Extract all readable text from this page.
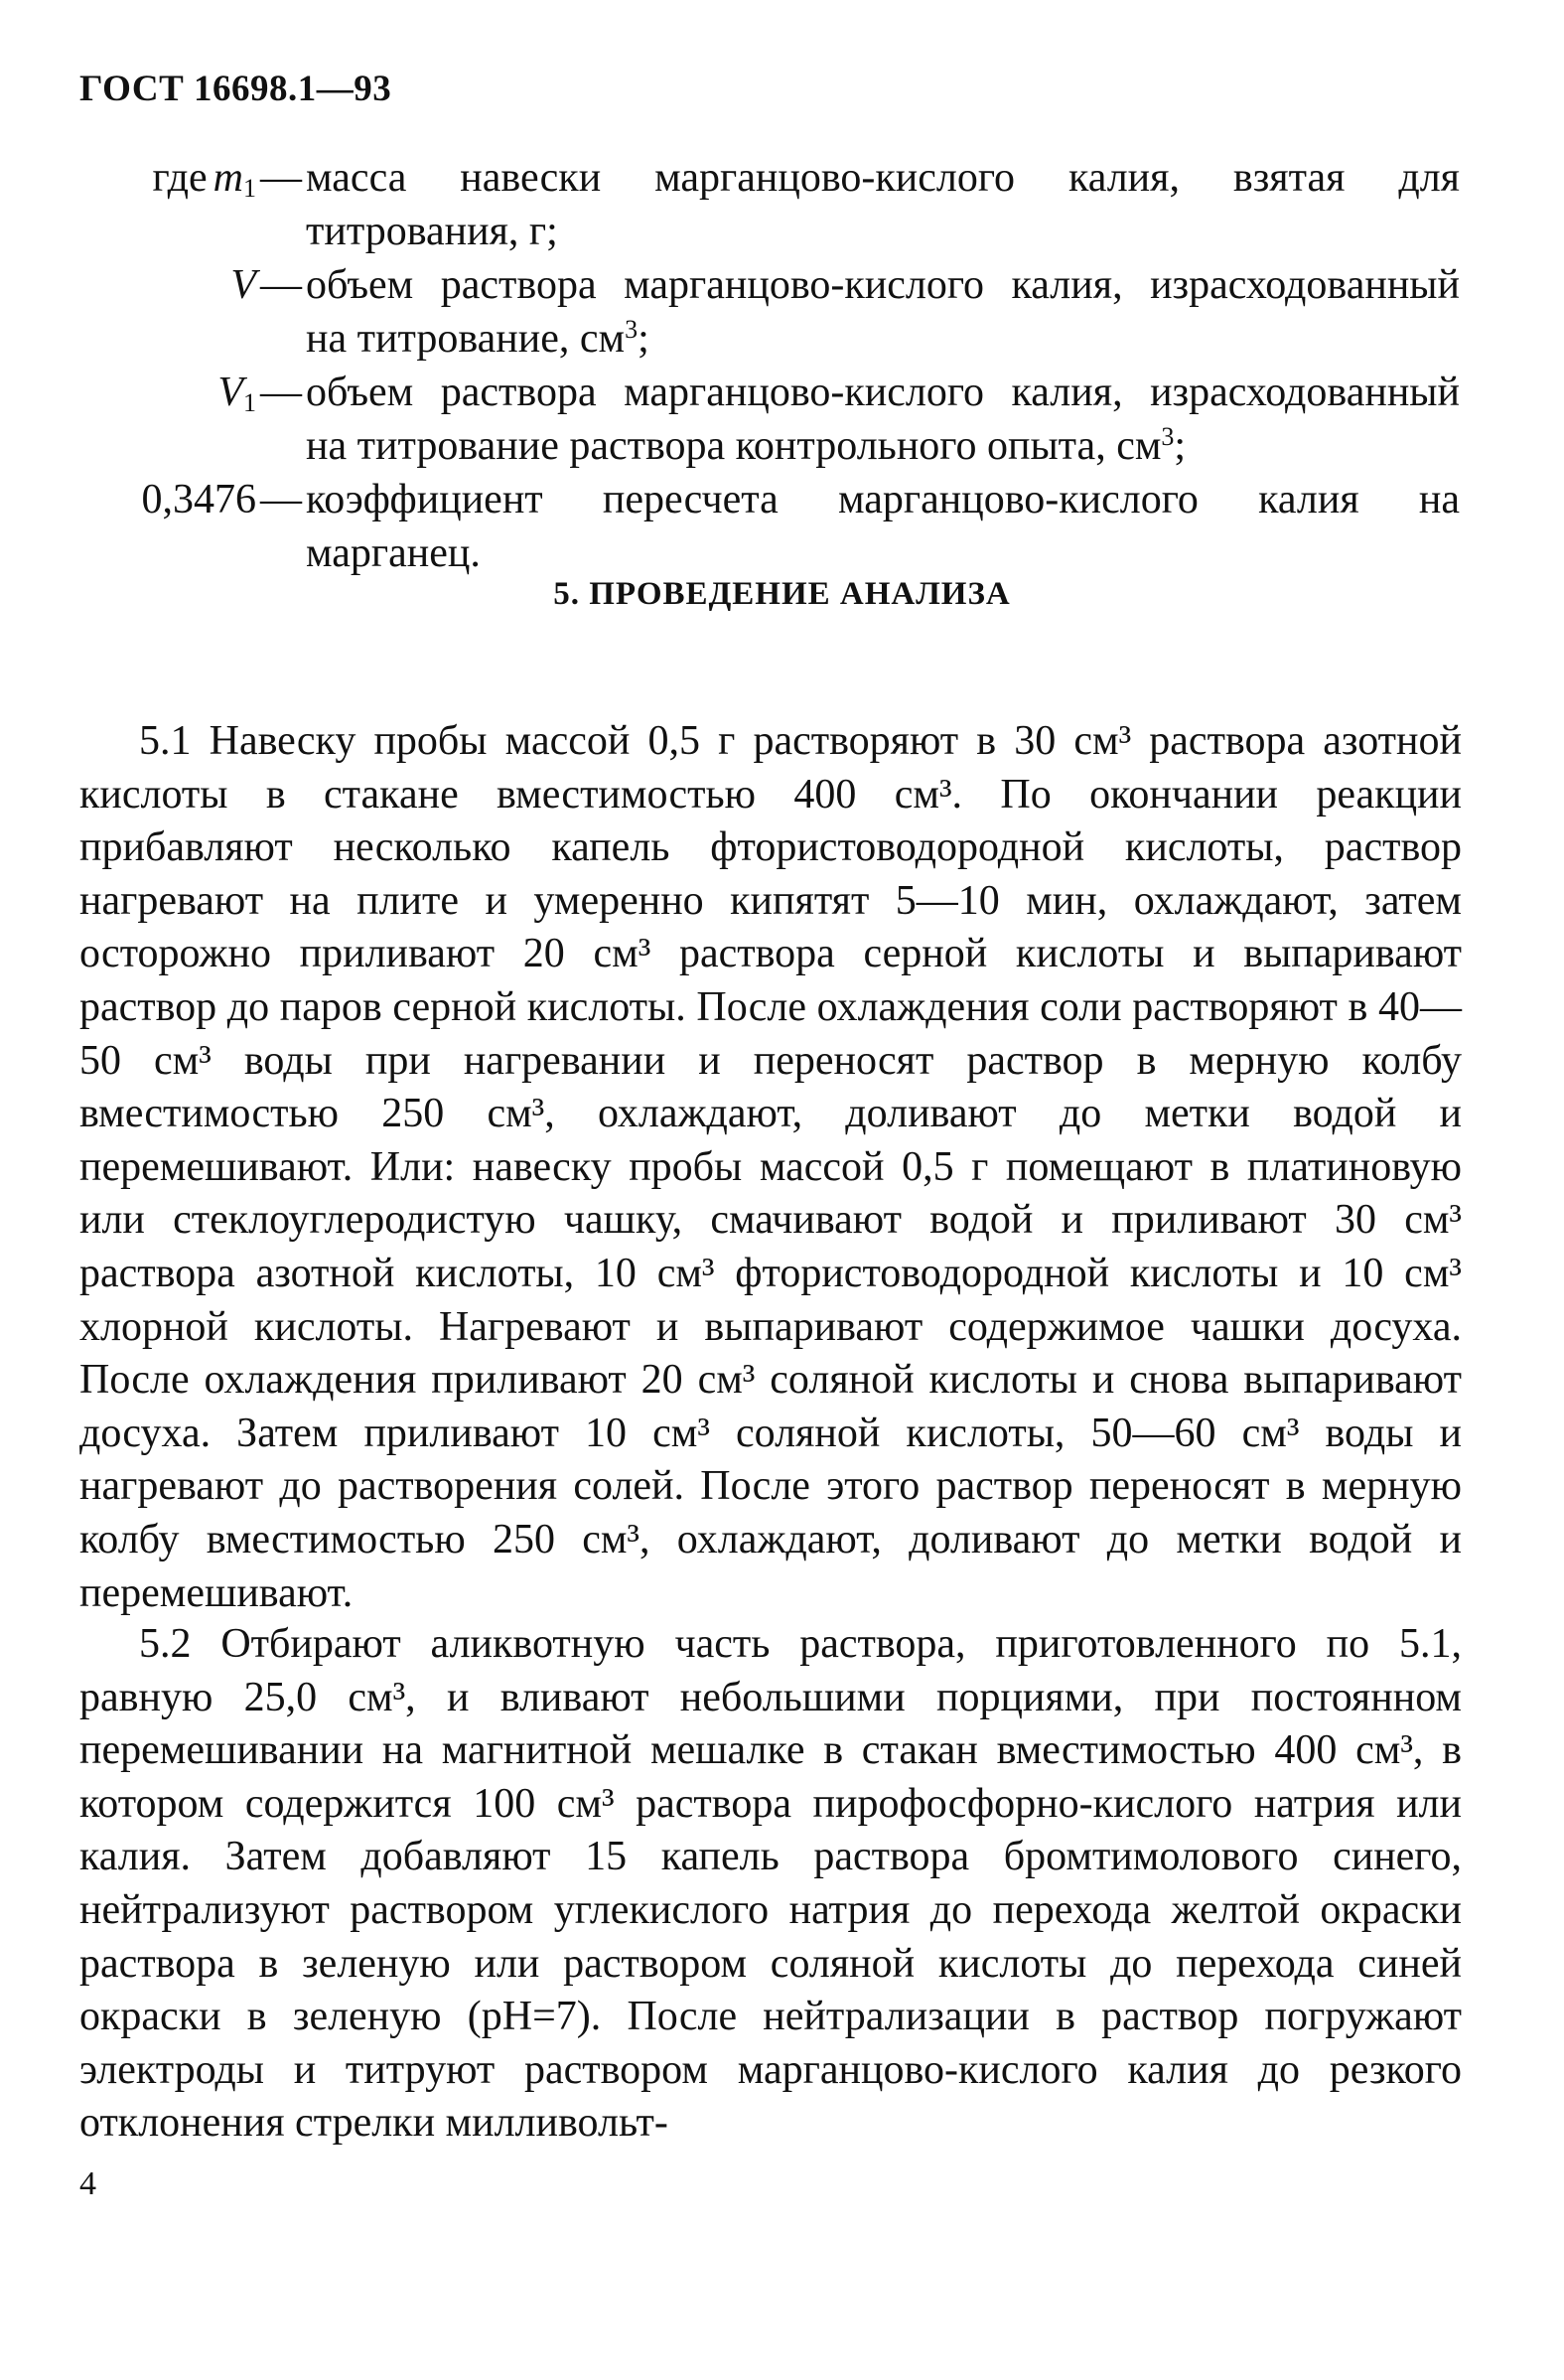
ГОСТ 16698.1—93
где $m_1$ — масса навески марганцово-кислого калия, взятая для
титрования, г;
V — объем раствора марганцово-кислого калия, израсходованный
на титрование, $см^3$;
$V_1$ — объем раствора марганцово-кислого калия, израсходованный
на титрование раствора контрольного опыта, $см^3$;
0,3476 — коэффициент пересчета марганцово-кислого калия на
марганец.
5. ПРОВЕДЕНИЕ АНАЛИЗА

5.1 Навеску пробы массой 0,5 г растворяют в 30 см³ раствора азотной кислоты в стакане вместимостью 400 см³. По окончании реакции прибавляют несколько капель фтористоводородной кислоты, раствор нагревают на плите и умеренно кипятят 5—10 мин, охлаждают, затем осторожно приливают 20 см³ раствора серной кислоты и выпаривают раствор до паров серной кислоты. После охлаждения соли растворяют в 40—50 см³ воды при нагревании и переносят раствор в мерную колбу вместимостью 250 см³, охлаждают, доливают до метки водой и перемешивают. Или: навеску пробы массой 0,5 г помещают в платиновую или стеклоуглеродистую чашку, смачивают водой и приливают 30 см³ раствора азотной кислоты, 10 см³ фтористоводородной кислоты и 10 см³ хлорной кислоты. Нагревают и выпаривают содержимое чашки досуха. После охлаждения приливают 20 см³ соляной кислоты и снова выпаривают досуха. Затем приливают 10 см³ соляной кислоты, 50—60 см³ воды и нагревают до растворения солей. После этого раствор переносят в мерную колбу вместимостью 250 см³, охлаждают, доливают до метки водой и перемешивают.

5.2 Отбирают аликвотную часть раствора, приготовленного по 5.1, равную 25,0 см³, и вливают небольшими порциями, при постоянном перемешивании на магнитной мешалке в стакан вместимостью 400 см³, в котором содержится 100 см³ раствора пирофосфорно-кислого натрия или калия. Затем добавляют 15 капель раствора бромтимолового синего, нейтрализуют раствором углекислого натрия до перехода желтой окраски раствора в зеленую или раствором соляной кислоты до перехода синей окраски в зеленую (pH=7). После нейтрализации в раствор погружают электроды и титруют раствором марганцово-кислого калия до резкого отклонения стрелки милливольт-

4
